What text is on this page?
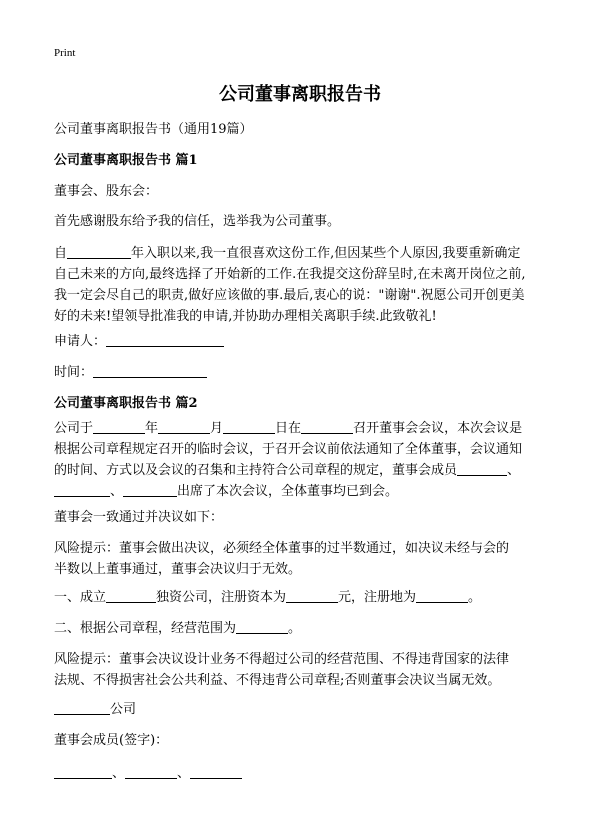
Print
公司董事离职报告书
公司董事离职报告书（通用19篇）
公司董事离职报告书 篇1
董事会、股东会：
首先感谢股东给予我的信任，选举我为公司董事。
自	年入职以来,我一直很喜欢这份工作,但因某些个人原因,我要重新确定
自己未来的方向,最终选择了开始新的工作.在我提交这份辞呈时,在未离开岗位之前,
我一定会尽自己的职责,做好应该做的事.最后,衷心的说："谢谢".祝愿公司开创更美
好的未来!望领导批准我的申请,并协助办理相关离职手续.此致敬礼!
申请人：
时间：
公司董事离职报告书 篇2
公司于	年	月	日在	召开董事会会议，本次会议是
根据公司章程规定召开的临时会议，于召开会议前依法通知了全体董事，会议通知
的时间、方式以及会议的召集和主持符合公司章程的规定，董事会成员	、
、	出席了本次会议，全体董事均已到会。
董事会一致通过并决议如下：
风险提示：董事会做出决议，必须经全体董事的过半数通过，如决议未经与会的
半数以上董事通过，董事会决议归于无效。
一、成立	独资公司，注册资本为	元，注册地为	。
二、根据公司章程，经营范围为	。
风险提示：董事会决议设计业务不得超过公司的经营范围、不得违背国家的法律
法规、不得损害社会公共利益、不得违背公司章程;否则董事会决议当属无效。
公司
董事会成员(签字)：
、	、
